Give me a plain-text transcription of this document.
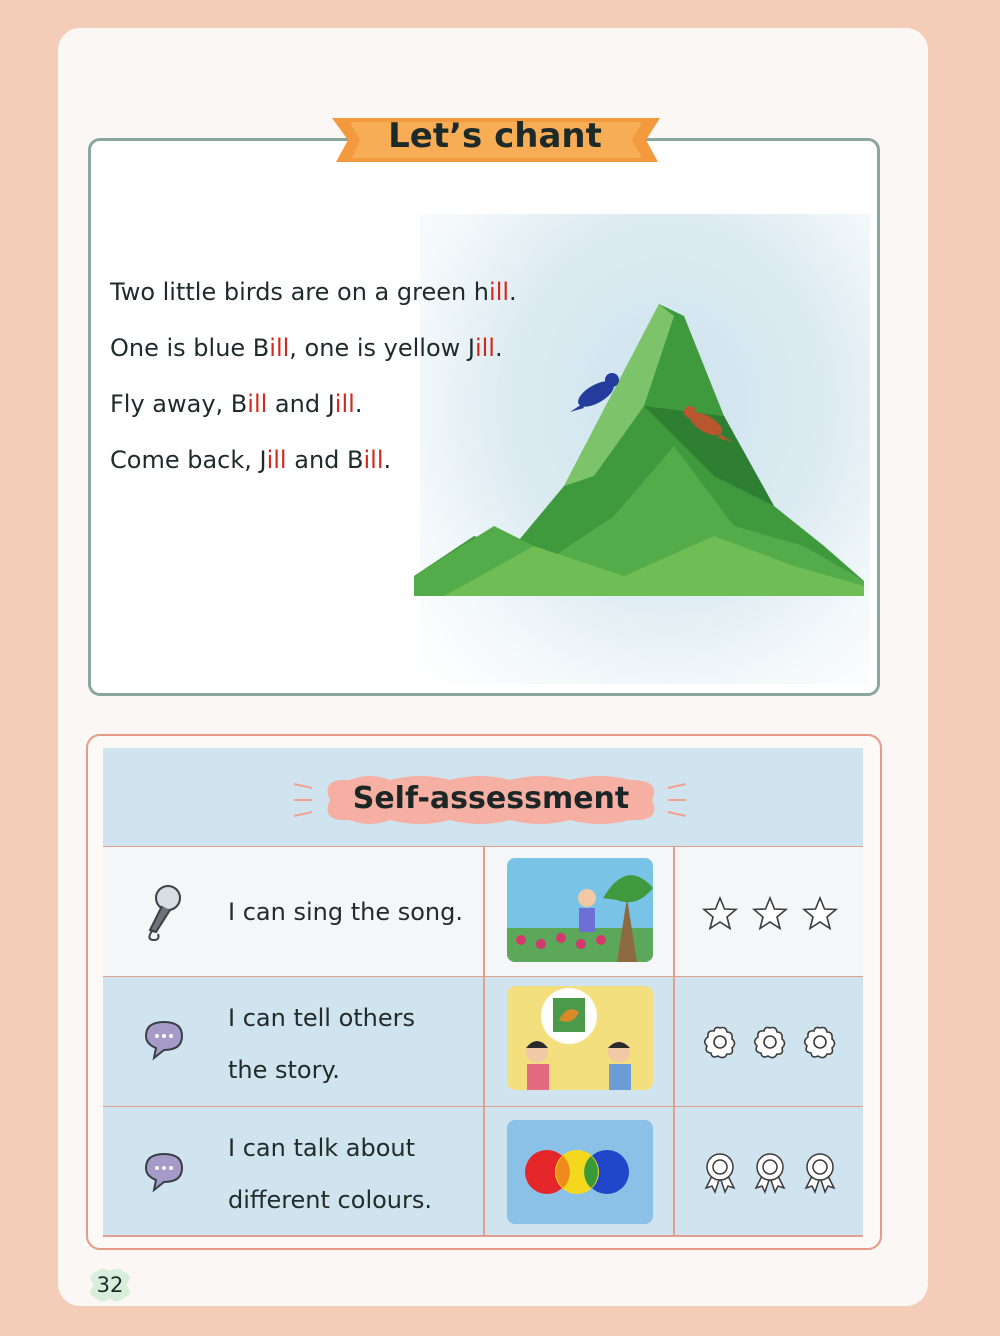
Let’s chant
Two little birds are on a green hill.
One is blue Bill, one is yellow Jill.
Fly away, Bill and Jill.
Come back, Jill and Bill.
Self-assessment
I can sing the song.
I can tell others
the story.
I can talk about
different colours.
32
